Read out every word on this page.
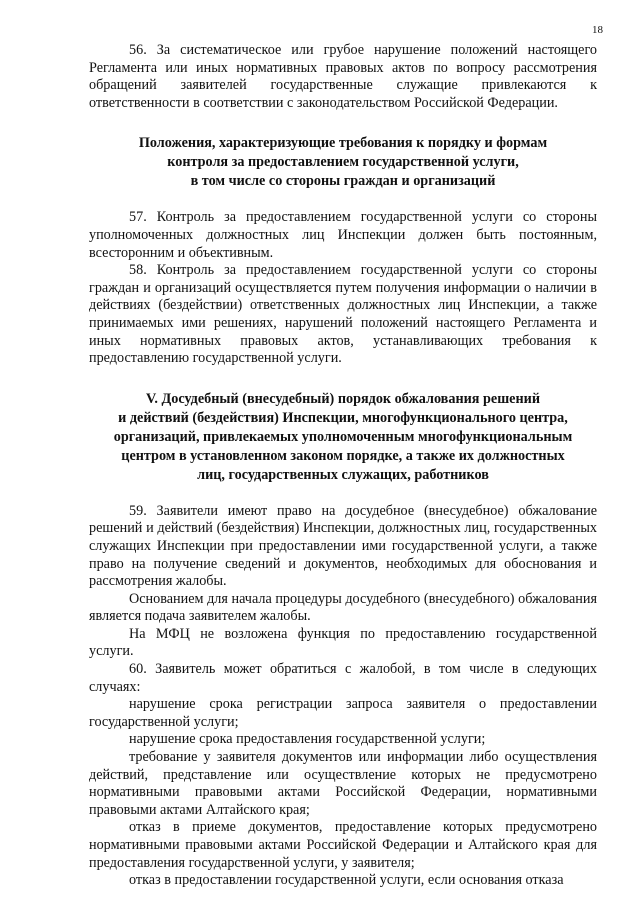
18

56. За систематическое или грубое нарушение положений настоящего Регламента или иных нормативных правовых актов по вопросу рассмотрения обращений заявителей государственные служащие привлекаются к ответственности в соответствии с законодательством Российской Федерации.

Положения, характеризующие требования к порядку и формам
контроля за предоставлением государственной услуги,
в том числе со стороны граждан и организаций

57. Контроль за предоставлением государственной услуги со стороны уполномоченных должностных лиц Инспекции должен быть постоянным, всесторонним и объективным.

58. Контроль за предоставлением государственной услуги со стороны граждан и организаций осуществляется путем получения информации о наличии в действиях (бездействии) ответственных должностных лиц Инспекции, а также принимаемых ими решениях, нарушений положений настоящего Регламента и иных нормативных правовых актов, устанавливающих требования к предоставлению государственной услуги.

V. Досудебный (внесудебный) порядок обжалования решений
и действий (бездействия) Инспекции, многофункционального центра,
организаций, привлекаемых уполномоченным многофункциональным
центром в установленном законом порядке, а также их должностных
лиц, государственных служащих, работников

59. Заявители имеют право на досудебное (внесудебное) обжалование решений и действий (бездействия) Инспекции, должностных лиц, государственных служащих Инспекции при предоставлении ими государственной услуги, а также право на получение сведений и документов, необходимых для обоснования и рассмотрения жалобы.

Основанием для начала процедуры досудебного (внесудебного) обжалования является подача заявителем жалобы.

На МФЦ не возложена функция по предоставлению государственной услуги.

60. Заявитель может обратиться с жалобой, в том числе в следующих случаях:

нарушение срока регистрации запроса заявителя о предоставлении государственной услуги;

нарушение срока предоставления государственной услуги;

требование у заявителя документов или информации либо осуществления действий, представление или осуществление которых не предусмотрено нормативными правовыми актами Российской Федерации, нормативными правовыми актами Алтайского края;

отказ в приеме документов, предоставление которых предусмотрено нормативными правовыми актами Российской Федерации и Алтайского края для предоставления государственной услуги, у заявителя;

отказ в предоставлении государственной услуги, если основания отказа
